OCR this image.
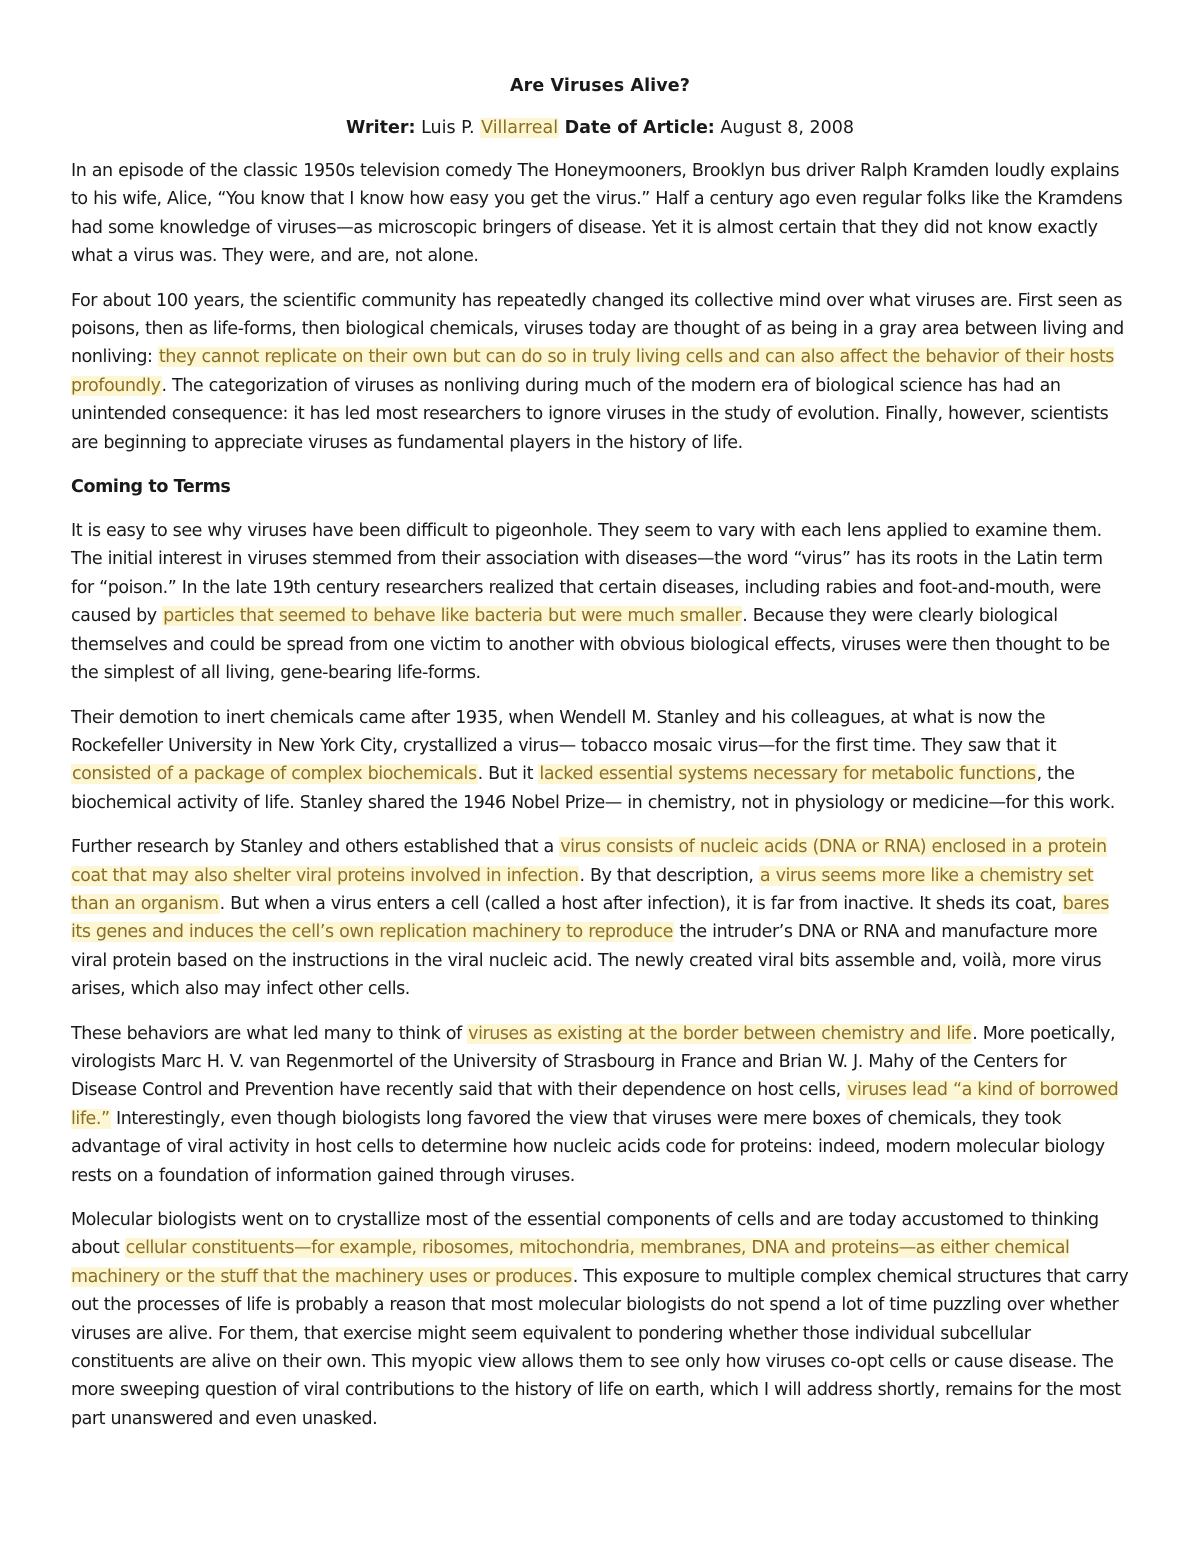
Are Viruses Alive?
Writer: Luis P. Villarreal Date of Article: August 8, 2008

In an episode of the classic 1950s television comedy The Honeymooners, Brooklyn bus driver Ralph Kramden loudly explains to his wife, Alice, “You know that I know how easy you get the virus.” Half a century ago even regular folks like the Kramdens had some knowledge of viruses—as microscopic bringers of disease. Yet it is almost certain that they did not know exactly what a virus was. They were, and are, not alone.

For about 100 years, the scientific community has repeatedly changed its collective mind over what viruses are. First seen as poisons, then as life-forms, then biological chemicals, viruses today are thought of as being in a gray area between living and nonliving: they cannot replicate on their own but can do so in truly living cells and can also affect the behavior of their hosts profoundly. The categorization of viruses as nonliving during much of the modern era of biological science has had an unintended consequence: it has led most researchers to ignore viruses in the study of evolution. Finally, however, scientists are beginning to appreciate viruses as fundamental players in the history of life.

Coming to Terms

It is easy to see why viruses have been difficult to pigeonhole. They seem to vary with each lens applied to examine them. The initial interest in viruses stemmed from their association with diseases—the word “virus” has its roots in the Latin term for “poison.” In the late 19th century researchers realized that certain diseases, including rabies and foot-and-mouth, were caused by particles that seemed to behave like bacteria but were much smaller. Because they were clearly biological themselves and could be spread from one victim to another with obvious biological effects, viruses were then thought to be the simplest of all living, gene-bearing life-forms.

Their demotion to inert chemicals came after 1935, when Wendell M. Stanley and his colleagues, at what is now the Rockefeller University in New York City, crystallized a virus— tobacco mosaic virus—for the first time. They saw that it consisted of a package of complex biochemicals. But it lacked essential systems necessary for metabolic functions, the biochemical activity of life. Stanley shared the 1946 Nobel Prize— in chemistry, not in physiology or medicine—for this work.

Further research by Stanley and others established that a virus consists of nucleic acids (DNA or RNA) enclosed in a protein coat that may also shelter viral proteins involved in infection. By that description, a virus seems more like a chemistry set than an organism. But when a virus enters a cell (called a host after infection), it is far from inactive. It sheds its coat, bares its genes and induces the cell’s own replication machinery to reproduce the intruder’s DNA or RNA and manufacture more viral protein based on the instructions in the viral nucleic acid. The newly created viral bits assemble and, voilà, more virus arises, which also may infect other cells.

These behaviors are what led many to think of viruses as existing at the border between chemistry and life. More poetically, virologists Marc H. V. van Regenmortel of the University of Strasbourg in France and Brian W. J. Mahy of the Centers for Disease Control and Prevention have recently said that with their dependence on host cells, viruses lead “a kind of borrowed life.” Interestingly, even though biologists long favored the view that viruses were mere boxes of chemicals, they took advantage of viral activity in host cells to determine how nucleic acids code for proteins: indeed, modern molecular biology rests on a foundation of information gained through viruses.

Molecular biologists went on to crystallize most of the essential components of cells and are today accustomed to thinking about cellular constituents—for example, ribosomes, mitochondria, membranes, DNA and proteins—as either chemical machinery or the stuff that the machinery uses or produces. This exposure to multiple complex chemical structures that carry out the processes of life is probably a reason that most molecular biologists do not spend a lot of time puzzling over whether viruses are alive. For them, that exercise might seem equivalent to pondering whether those individual subcellular constituents are alive on their own. This myopic view allows them to see only how viruses co-opt cells or cause disease. The more sweeping question of viral contributions to the history of life on earth, which I will address shortly, remains for the most part unanswered and even unasked.
